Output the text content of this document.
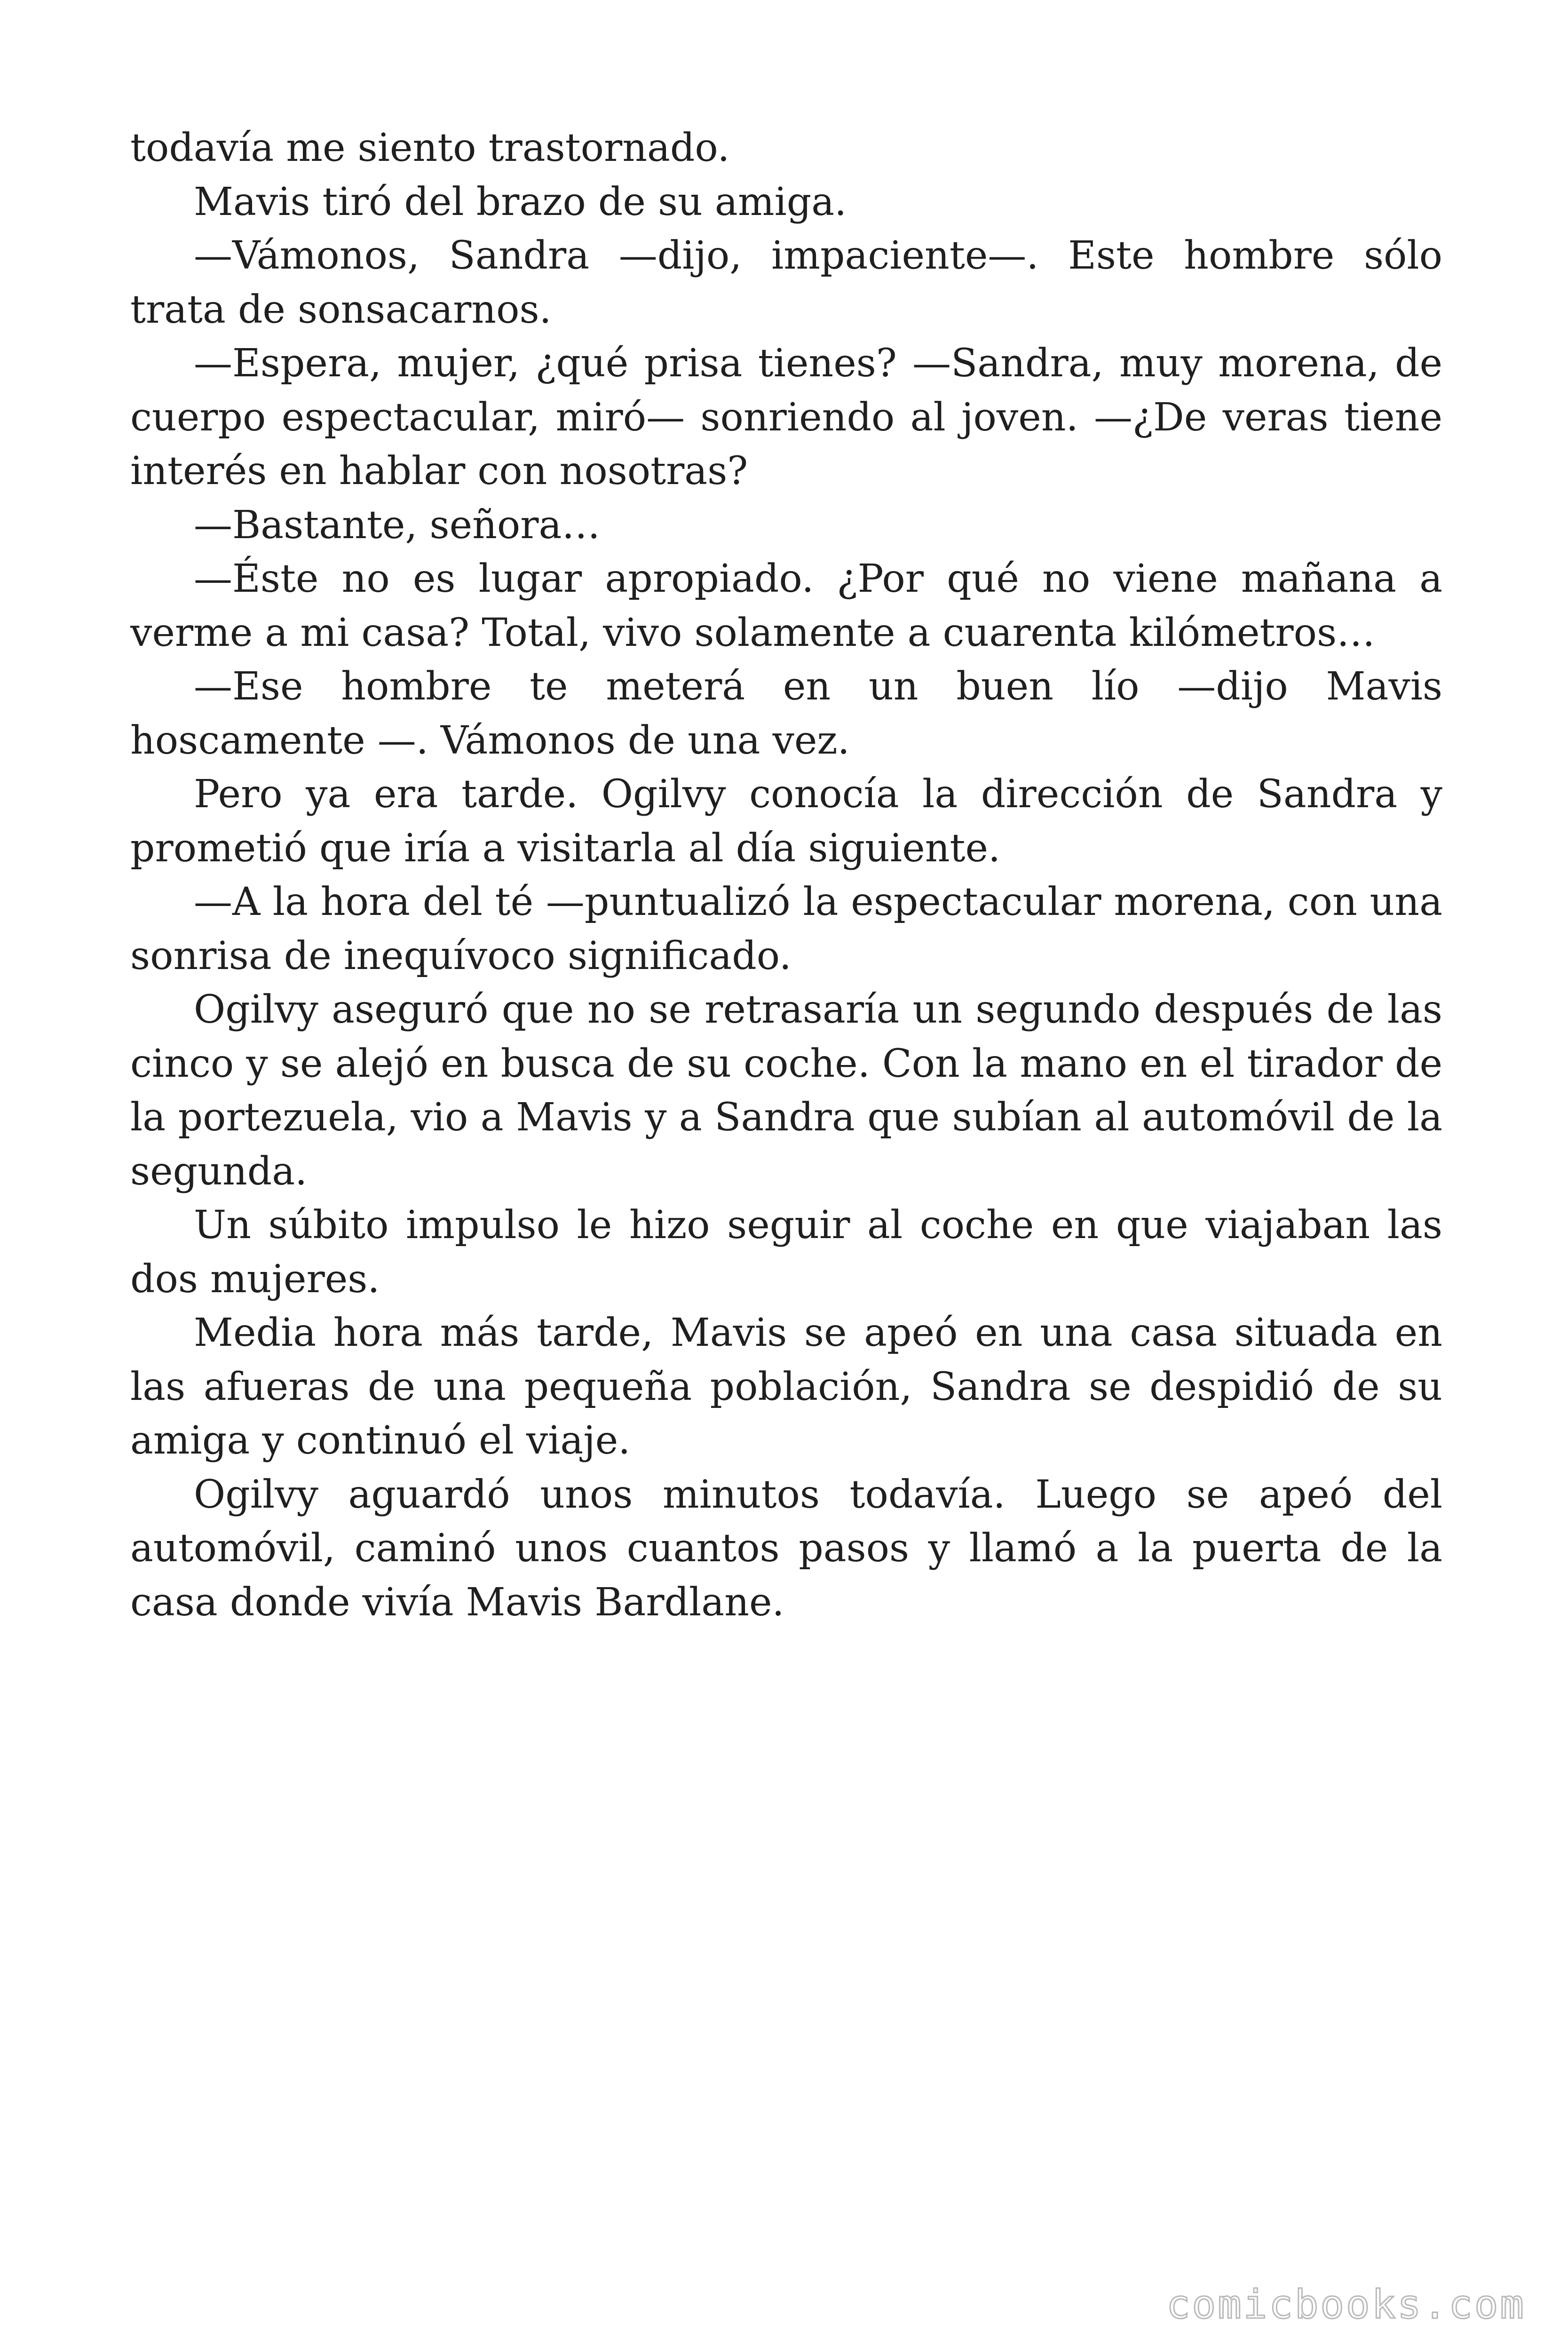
todavía me siento trastornado.

Mavis tiró del brazo de su amiga.

—Vámonos, Sandra —dijo, impaciente—. Este hombre sólo trata de sonsacarnos.

—Espera, mujer, ¿qué prisa tienes? —Sandra, muy morena, de cuerpo espectacular, miró— sonriendo al joven. —¿De veras tiene interés en hablar con nosotras?

—Bastante, señora…

—Éste no es lugar apropiado. ¿Por qué no viene mañana a verme a mi casa? Total, vivo solamente a cuarenta kilómetros…

—Ese hombre te meterá en un buen lío —dijo Mavis hoscamente —. Vámonos de una vez.

Pero ya era tarde. Ogilvy conocía la dirección de Sandra y prometió que iría a visitarla al día siguiente.

—A la hora del té —puntualizó la espectacular morena, con una sonrisa de inequívoco significado.

Ogilvy aseguró que no se retrasaría un segundo después de las cinco y se alejó en busca de su coche. Con la mano en el tirador de la portezuela, vio a Mavis y a Sandra que subían al automóvil de la segunda.

Un súbito impulso le hizo seguir al coche en que viajaban las dos mujeres.

Media hora más tarde, Mavis se apeó en una casa situada en las afueras de una pequeña población, Sandra se despidió de su amiga y continuó el viaje.

Ogilvy aguardó unos minutos todavía. Luego se apeó del automóvil, caminó unos cuantos pasos y llamó a la puerta de la casa donde vivía Mavis Bardlane.

comicbooks.com
